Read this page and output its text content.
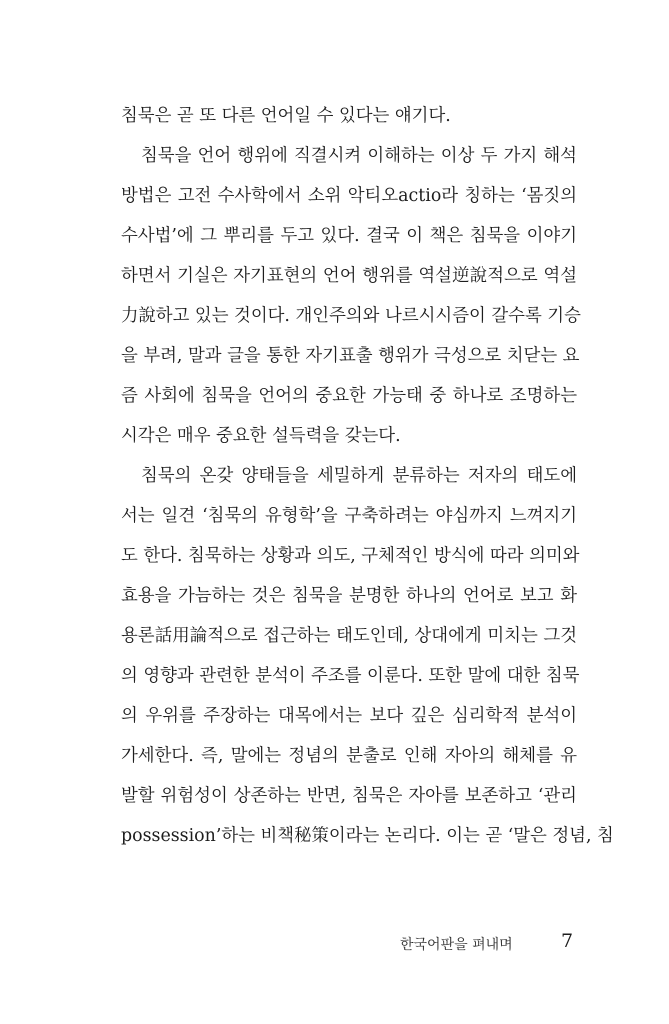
침묵은 곧 또 다른 언어일 수 있다는 얘기다.
침묵을 언어 행위에 직결시켜 이해하는 이상 두 가지 해석
방법은 고전 수사학에서 소위 악티오actio라 칭하는 ‘몸짓의
수사법’에 그 뿌리를 두고 있다. 결국 이 책은 침묵을 이야기
하면서 기실은 자기표현의 언어 행위를 역설逆說적으로 역설
力說하고 있는 것이다. 개인주의와 나르시시즘이 갈수록 기승
을 부려, 말과 글을 통한 자기표출 행위가 극성으로 치닫는 요
즘 사회에 침묵을 언어의 중요한 가능태 중 하나로 조명하는
시각은 매우 중요한 설득력을 갖는다.
침묵의 온갖 양태들을 세밀하게 분류하는 저자의 태도에
서는 일견 ‘침묵의 유형학’을 구축하려는 야심까지 느껴지기
도 한다. 침묵하는 상황과 의도, 구체적인 방식에 따라 의미와
효용을 가늠하는 것은 침묵을 분명한 하나의 언어로 보고 화
용론話用論적으로 접근하는 태도인데, 상대에게 미치는 그것
의 영향과 관련한 분석이 주조를 이룬다. 또한 말에 대한 침묵
의 우위를 주장하는 대목에서는 보다 깊은 심리학적 분석이
가세한다. 즉, 말에는 정념의 분출로 인해 자아의 해체를 유
발할 위험성이 상존하는 반면, 침묵은 자아를 보존하고 ‘관리
possession’하는 비책秘策이라는 논리다. 이는 곧 ‘말은 정념, 침
한국어판을 펴내며	7
